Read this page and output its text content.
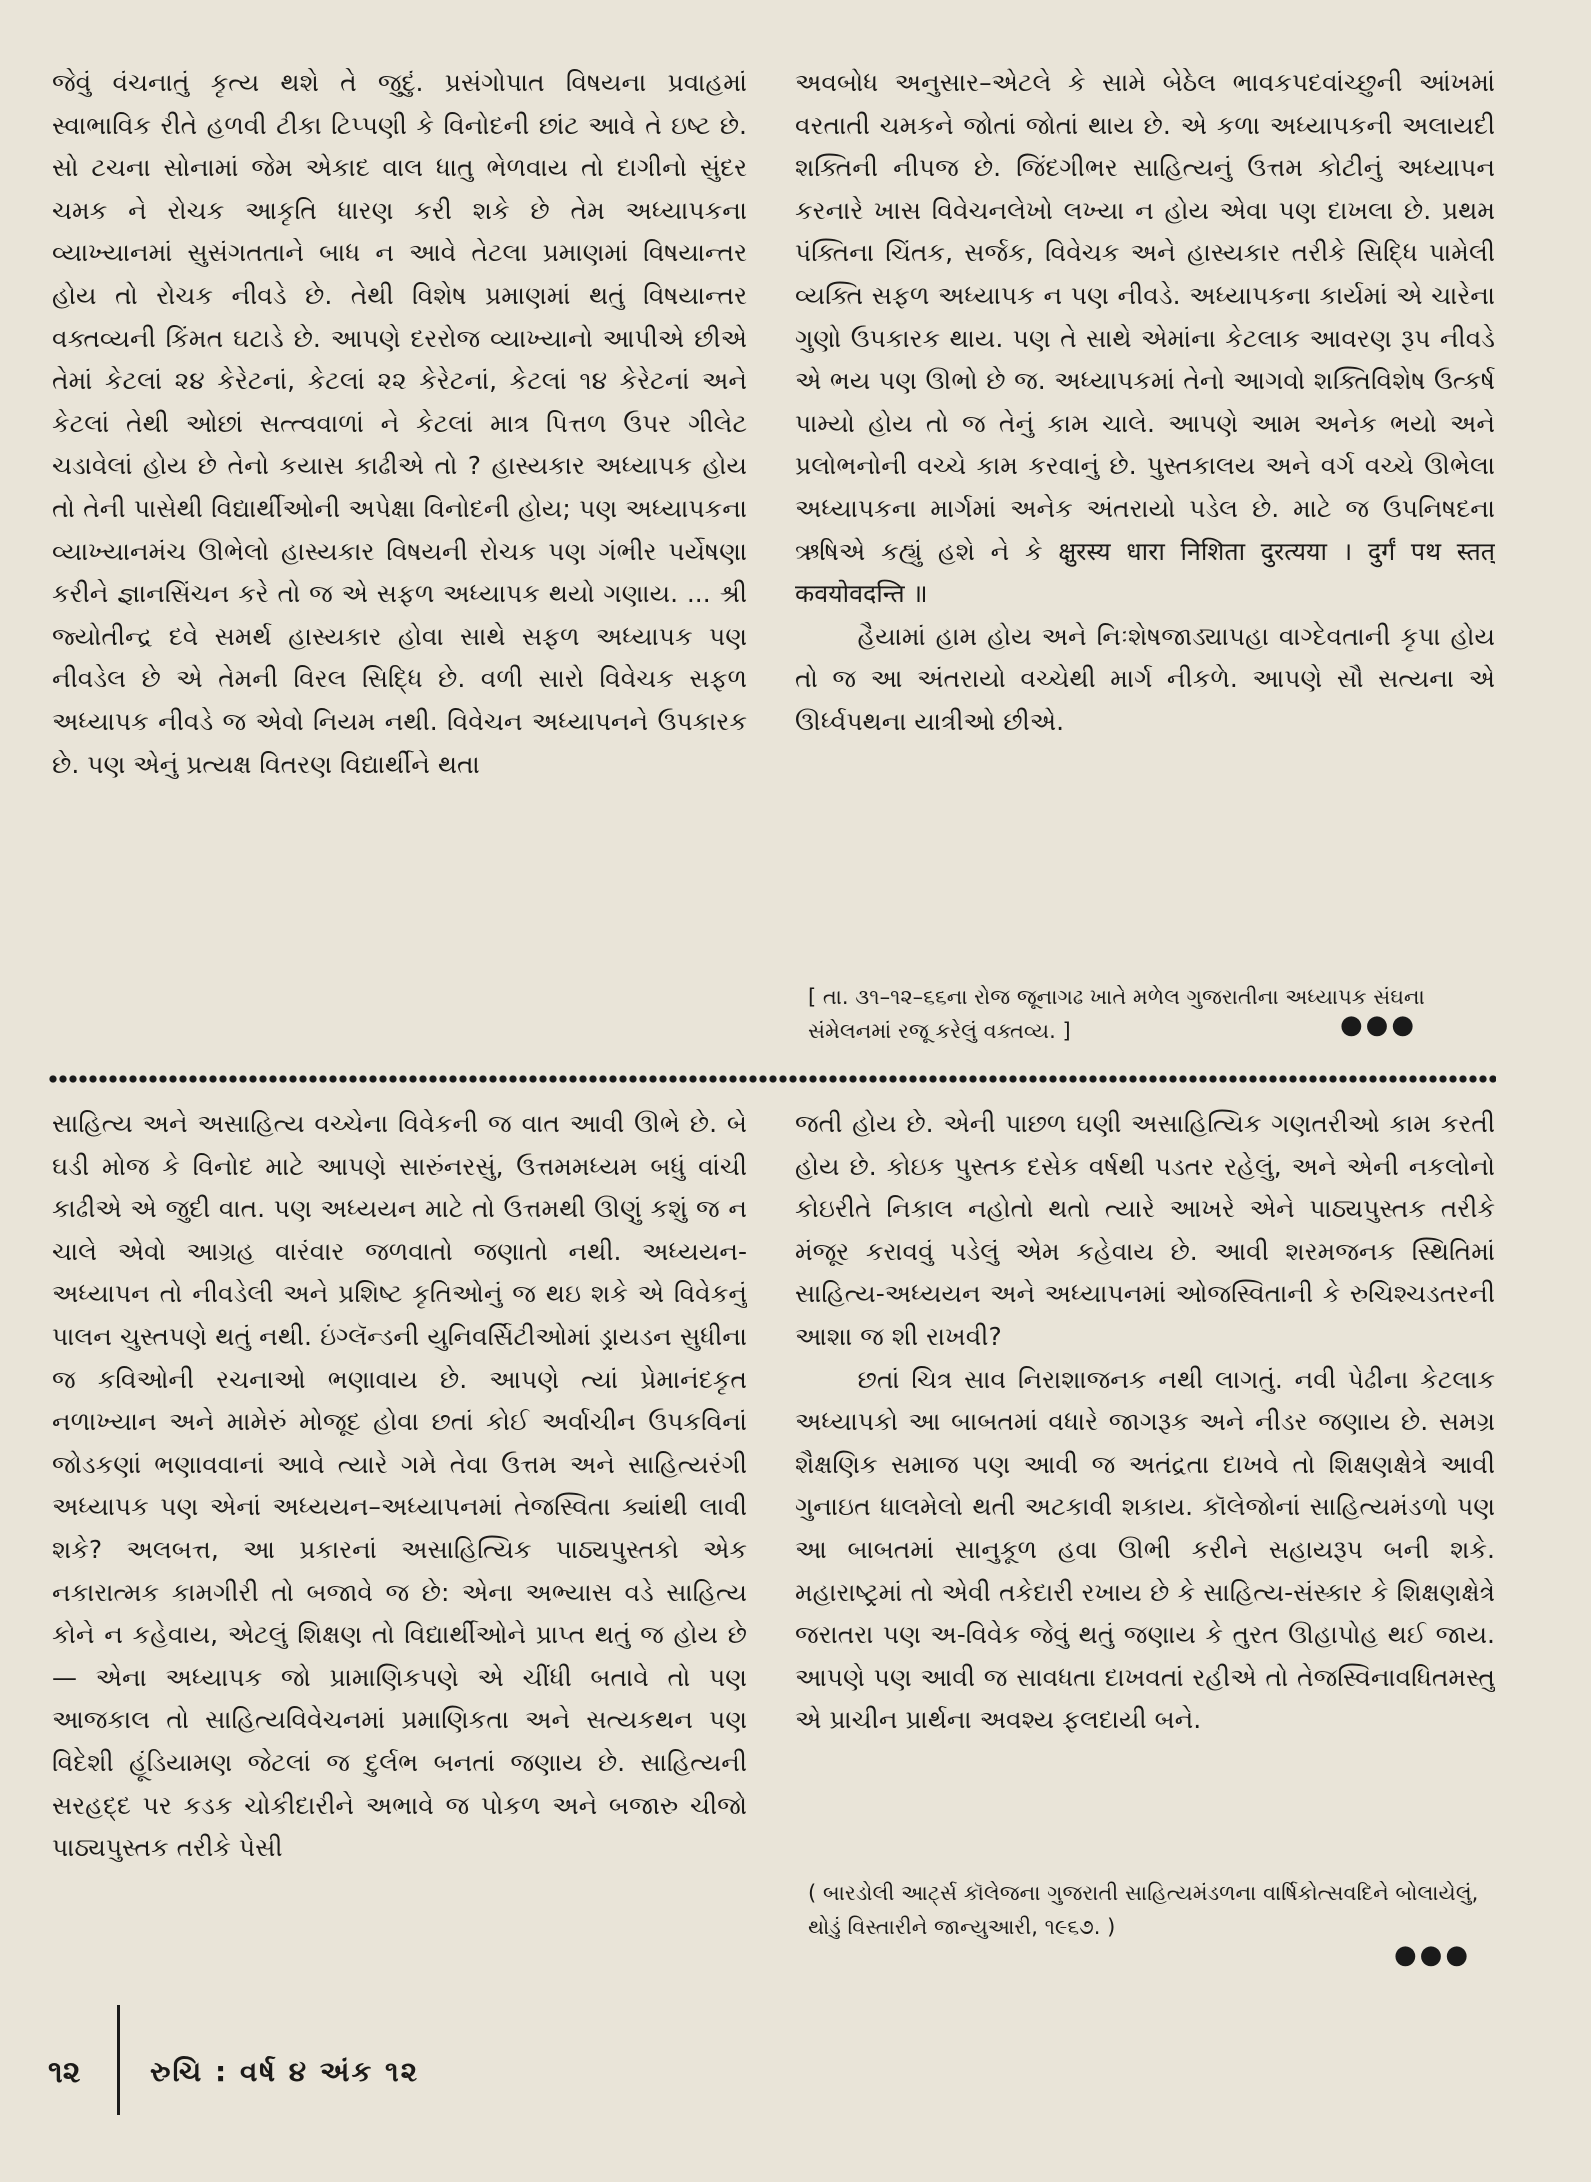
જેવું વંચનાતું કૃત્ય થશે તે જુદું. પ્રસંગોપાત વિષયના પ્રવાહમાં સ્વાભાવિક રીતે હળવી ટીકા ટિપ્પણી કે વિનોદની છાંટ આવે તે ઇષ્ટ છે. સો ટચના સોનામાં જેમ એકાદ વાલ ધાતુ ભેળવાય તો દાગીનો સુંદર ચમક ને રોચક આકૃતિ ધારણ કરી શકે છે તેમ અધ્યાપકના વ્યાખ્યાનમાં સુસંગતતાને બાધ ન આવે તેટલા પ્રમાણમાં વિષયાન્તર હોય તો રોચક નીવડે છે. તેથી વિશેષ પ્રમાણમાં થતું વિષયાન્તર વક્તવ્યની કિંમત ઘટાડે છે. આપણે દરરોજ વ્યાખ્યાનો આપીએ છીએ તેમાં કેટલાં ૨૪ કેરેટનાં, કેટલાં ૨૨ કેરેટનાં, કેટલાં ૧૪ કેરેટનાં અને કેટલાં તેથી ઓછાં સત્ત્વવાળાં ને કેટલાં માત્ર પિત્તળ ઉપર ગીલેટ ચડાવેલાં હોય છે તેનો કયાસ કાઢીએ તો ? હાસ્યકાર અધ્યાપક હોય તો તેની પાસેથી વિદ્યાર્થીઓની અપેક્ષા વિનોદની હોય; પણ અધ્યાપકના વ્યાખ્યાનમંચ ઊભેલો હાસ્યકાર વિષયની રોચક પણ ગંભીર પર્યેષણા કરીને જ્ઞાનસિંચન કરે તો જ એ સફળ અધ્યાપક થયો ગણાય. ... શ્રી જ્યોતીન્દ્ર દવે સમર્થ હાસ્યકાર હોવા સાથે સફળ અધ્યાપક પણ નીવડેલ છે એ તેમની વિરલ સિદ્ધિ છે. વળી સારો વિવેચક સફળ અધ્યાપક નીવડે જ એવો નિયમ નથી. વિવેચન અધ્યાપનને ઉપકારક છે. પણ એનું પ્રત્યક્ષ વિતરણ વિદ્યાર્થીને થતા

અવબોધ અનુસાર–એટલે કે સામે બેઠેલ ભાવકપદવાંચ્છુની આંખમાં વરતાતી ચમકને જોતાં જોતાં થાય છે. એ કળા અધ્યાપકની અલાયદી શક્તિની નીપજ છે. જિંદગીભર સાહિત્યનું ઉત્તમ કોટીનું અધ્યાપન કરનારે ખાસ વિવેચનલેખો લખ્યા ન હોય એવા પણ દાખલા છે. પ્રથમ પંક્તિના ચિંતક, સર્જક, વિવેચક અને હાસ્યકાર તરીકે સિદ્ધિ પામેલી વ્યક્તિ સફળ અધ્યાપક ન પણ નીવડે. અધ્યાપકના કાર્યમાં એ ચારેના ગુણો ઉપકારક થાય. પણ તે સાથે એમાંના કેટલાક આવરણ રૂપ નીવડે એ ભય પણ ઊભો છે જ. અધ્યાપકમાં તેનો આગવો શક્તિવિશેષ ઉત્કર્ષ પામ્યો હોય તો જ તેનું કામ ચાલે. આપણે આમ અનેક ભયો અને પ્રલોભનોની વચ્ચે કામ કરવાનું છે. પુસ્તકાલય અને વર્ગ વચ્ચે ઊભેલા અધ્યાપકના માર્ગમાં અનેક અંતરાયો પડેલ છે. માટે જ ઉપનિષદના ઋષિએ કહ્યું હશે ને કે क्षुरस्य धारा निशिता दुरत्यया । दुर्गं पथ स्तत् कवयोवदन्ति ॥

હૈયામાં હામ હોય અને નિઃશેષજાડ્યાપહા વાગ્દેવતાની કૃપા હોય તો જ આ અંતરાયો વચ્ચેથી માર્ગ નીકળે. આપણે સૌ સત્યના એ ઊર્ધ્વપથના યાત્રીઓ છીએ.

[ તા. ૩૧–૧૨–૬૬ના રોજ જૂનાગઢ ખાતે મળેલ ગુજરાતીના અધ્યાપક સંઘના સંમેલનમાં રજૂ કરેલું વક્તવ્ય. ]	●●●

સાહિત્ય અને અસાહિત્ય વચ્ચેના વિવેકની જ વાત આવી ઊભે છે. બે ઘડી મોજ કે વિનોદ માટે આપણે સારુંનરસું, ઉત્તમમધ્યમ બધું વાંચી કાઢીએ એ જુદી વાત. પણ અધ્યયન માટે તો ઉત્તમથી ઊણું કશું જ ન ચાલે એવો આગ્રહ વારંવાર જળવાતો જણાતો નથી. અધ્યયન-અધ્યાપન તો નીવડેલી અને પ્રશિષ્ટ કૃતિઓનું જ થઇ શકે એ વિવેકનું પાલન ચુસ્તપણે થતું નથી. ઇંગ્લૅન્ડની યુનિવર્સિટીઓમાં ડ્રાયડન સુધીના જ કવિઓની રચનાઓ ભણાવાય છે. આપણે ત્યાં પ્રેમાનંદકૃત નળાખ્યાન અને મામેરું મોજૂદ હોવા છતાં કોઈ અર્વાચીન ઉપકવિનાં જોડકણાં ભણાવવાનાં આવે ત્યારે ગમે તેવા ઉત્તમ અને સાહિત્યરંગી અધ્યાપક પણ એનાં અધ્યયન–અધ્યાપનમાં તેજસ્વિતા ક્યાંથી લાવી શકે? અલબત્ત, આ પ્રકારનાં અસાહિત્યિક પાઠ્યપુસ્તકો એક નકારાત્મક કામગીરી તો બજાવે જ છે: એના અભ્યાસ વડે સાહિત્ય કોને ન કહેવાય, એટલું શિક્ષણ તો વિદ્યાર્થીઓને પ્રાપ્ત થતું જ હોય છે— એના અધ્યાપક જો પ્રામાણિકપણે એ ચીંધી બતાવે તો પણ આજકાલ તો સાહિત્યવિવેચનમાં પ્રમાણિકતા અને સત્યકથન પણ વિદેશી હૂંડિયામણ જેટલાં જ દુર્લભ બનતાં જણાય છે. સાહિત્યની સરહદ્દ પર કડક ચોકીદારીને અભાવે જ પોકળ અને બજારુ ચીજો પાઠ્યપુસ્તક તરીકે પેસી

જતી હોય છે. એની પાછળ ઘણી અસાહિત્યિક ગણતરીઓ કામ કરતી હોય છે. કોઇક પુસ્તક દસેક વર્ષથી પડતર રહેલું, અને એની નકલોનો કોઇરીતે નિકાલ નહોતો થતો ત્યારે આખરે એને પાઠ્યપુસ્તક તરીકે મંજૂર કરાવવું પડેલું એમ કહેવાય છે. આવી શરમજનક સ્થિતિમાં સાહિત્ય-અધ્યયન અને અધ્યાપનમાં ઓજસ્વિતાની કે રુચિશ્ચડતરની આશા જ શી રાખવી?

છતાં ચિત્ર સાવ નિરાશાજનક નથી લાગતું. નવી પેઢીના કેટલાક અધ્યાપકો આ બાબતમાં વધારે જાગરૂક અને નીડર જણાય છે. સમગ્ર શૈક્ષણિક સમાજ પણ આવી જ અતંદ્રતા દાખવે તો શિક્ષણક્ષેત્રે આવી ગુનાઇત ધાલમેલો થતી અટકાવી શકાય. કૉલેજોનાં સાહિત્યમંડળો પણ આ બાબતમાં સાનુકૂળ હવા ઊભી કરીને સહાયરૂપ બની શકે. મહારાષ્ટ્રમાં તો એવી તકેદારી રખાય છે કે સાહિત્ય-સંસ્કાર કે શિક્ષણક્ષેત્રે જરાતરા પણ અ-વિવેક જેવું થતું જણાય કે તુરત ઊહાપોહ થઈ જાય. આપણે પણ આવી જ સાવધતા દાખવતાં રહીએ તો તેજસ્વિનાવધિતમસ્તુ એ પ્રાચીન પ્રાર્થના અવશ્ય ફલદાયી બને.

( બારડોલી આર્ટ્સ કૉલેજના ગુજરાતી સાહિત્યમંડળના વાર્ષિકોત્સવદિને બોલાયેલું, થોડું વિસ્તારીને જાન્યુઆરી, ૧૯૬૭. )
●●●
૧૨ રુચિ : વર્ષ ૪ અંક ૧૨
